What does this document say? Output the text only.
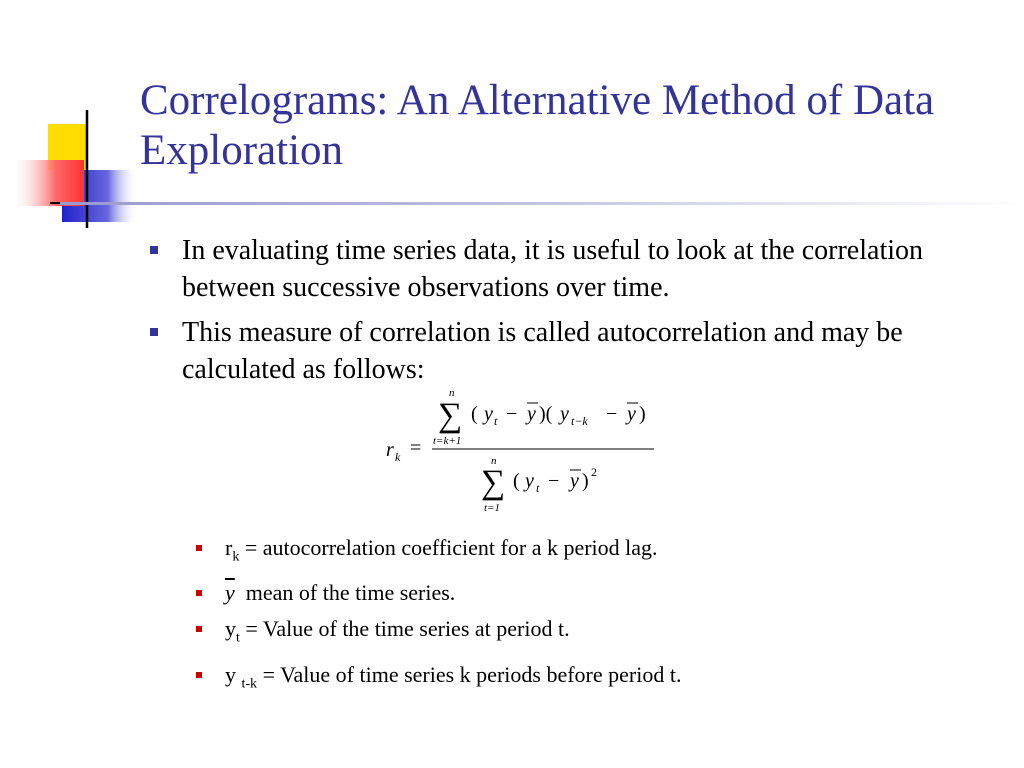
Correlograms: An Alternative Method of Data Exploration
In evaluating time series data, it is useful to look at the correlation between successive observations over time.
This measure of correlation is called autocorrelation and may be calculated as follows:
r k =
n
∑
t=k+1
( y t − y )( y t−k − y )
n
∑
t=1
( y t − y ) 2
$r_k$ = autocorrelation coefficient for a k period lag.
$\overline{y}$  mean of the time series.
$y_t$ = Value of the time series at period t.
y $_{t-k}$ = Value of time series k periods before period t.
